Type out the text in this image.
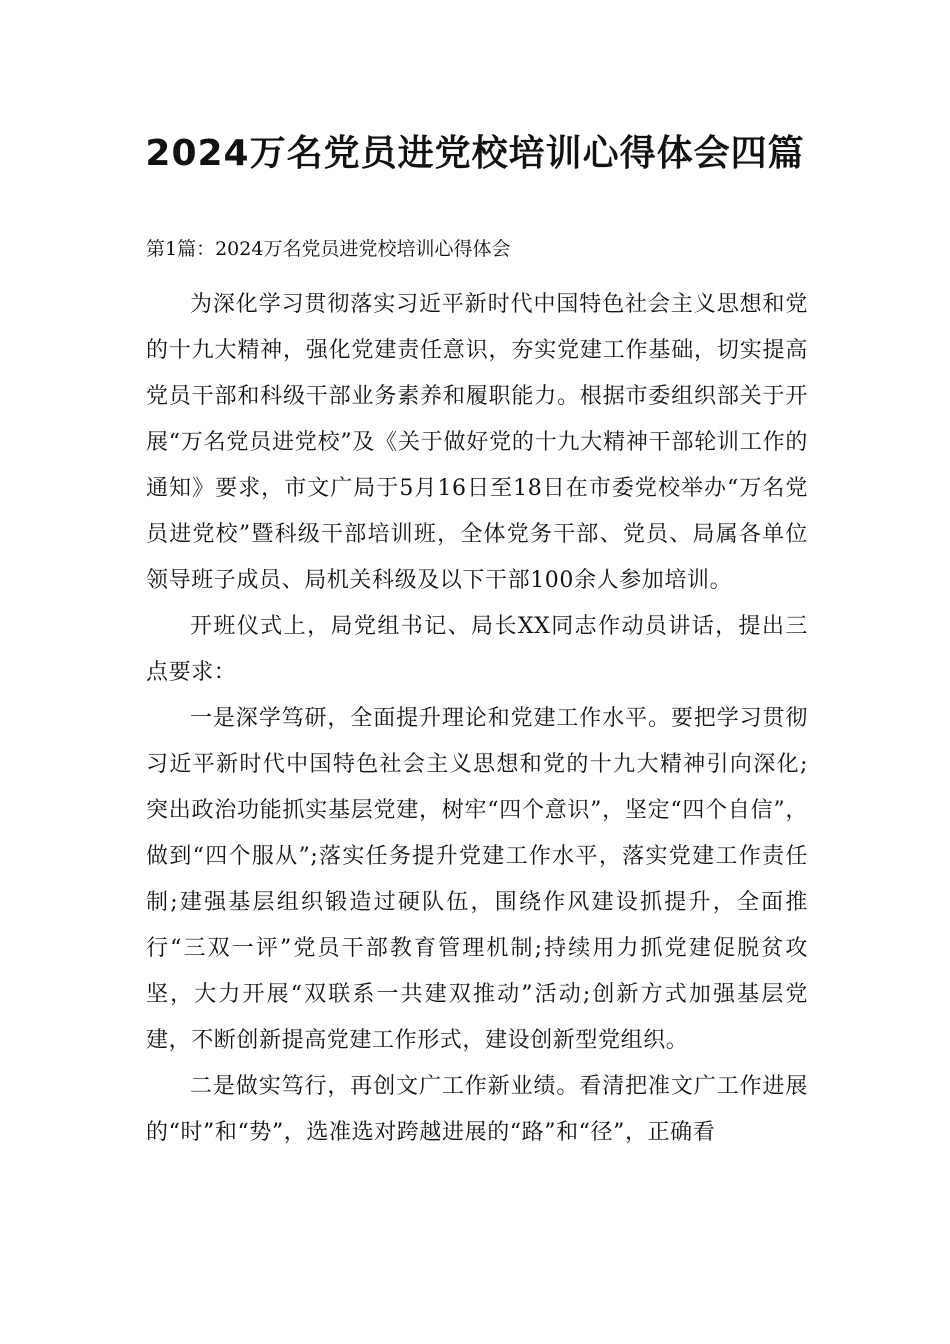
2024万名党员进党校培训心得体会四篇

第1篇：2024万名党员进党校培训心得体会

为深化学习贯彻落实习近平新时代中国特色社会主义思想和党的十九大精神，强化党建责任意识，夯实党建工作基础，切实提高党员干部和科级干部业务素养和履职能力。根据市委组织部关于开展“万名党员进党校”及《关于做好党的十九大精神干部轮训工作的通知》要求，市文广局于5月16日至18日在市委党校举办“万名党员进党校”暨科级干部培训班，全体党务干部、党员、局属各单位领导班子成员、局机关科级及以下干部100余人参加培训。

开班仪式上，局党组书记、局长XX同志作动员讲话，提出三点要求：

一是深学笃研，全面提升理论和党建工作水平。要把学习贯彻习近平新时代中国特色社会主义思想和党的十九大精神引向深化;突出政治功能抓实基层党建，树牢“四个意识”，坚定“四个自信”，做到“四个服从”;落实任务提升党建工作水平，落实党建工作责任制;建强基层组织锻造过硬队伍，围绕作风建设抓提升，全面推行“三双一评”党员干部教育管理机制;持续用力抓党建促脱贫攻坚，大力开展“双联系一共建双推动”活动;创新方式加强基层党建，不断创新提高党建工作形式，建设创新型党组织。

二是做实笃行，再创文广工作新业绩。看清把准文广工作进展的“时”和“势”，选准选对跨越进展的“路”和“径”，正确看
